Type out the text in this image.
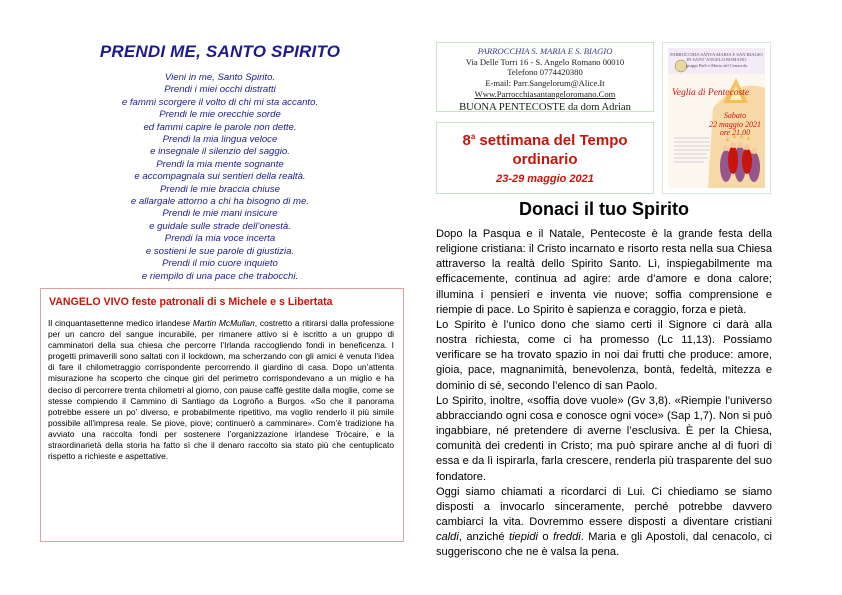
PRENDI ME, SANTO SPIRITO
Vieni in me, Santo Spirito.
Prendi i miei occhi distratti
e fammi scorgere il volto di chi mi sta accanto.
Prendi le mie orecchie sorde
ed fammi capire le parole non dette.
Prendi la mia lingua veloce
e insegnale il silenzio del saggio.
Prendi la mia mente sognante
e accompagnala sui sentieri della realtà.
Prendi le mie braccia chiuse
e allargale attorno a chi ha bisogno di me.
Prendi le mie mani insicure
e guidale sulle strade dell’onestà.
Prendi la mia voce incerta
e sostieni le sue parole di giustizia.
Prendi il mio cuore inquieto
e riempilo di una pace che trabocchi.
VANGELO VIVO feste patronali di s Michele e s Libertata

Il cinquantasettenne medico irlandese Martin McMullan, costretto a ritirarsi dalla professione per un cancro del sangue incurabile, per rimanere attivo si è iscritto a un gruppo di camminatori della sua chiesa che percorre l’Irlanda raccogliendo fondi in beneficenza. I progetti primaverili sono saltati con il lockdown, ma scherzando con gli amici è venuta l’idea di fare il chilometraggio corrispondente percorrendo il giardino di casa. Dopo un’attenta misurazione ha scoperto che cinque giri del perimetro corrispondevano a un miglio e ha deciso di percorrere trenta chilometri al giorno, con pause caffè gestite dalla moglie, come se stesse compiendo il Cammino di Santiago da Logroño a Burgos. «So che il panorama potrebbe essere un po’ diverso, e probabilmente ripetitivo, ma voglio renderlo il più simile possibile all’impresa reale. Se piove, piove; continuerò a camminare». Com’è tradizione ha avviato una raccolta fondi per sostenere l’organizzazione irlandese Tròcaire, e la straordinarietà della storia ha fatto sì che il denaro raccolto sia stato più che centuplicato rispetto a richieste e aspettative.

PARROCCHIA S. MARIA E S. BIAGIO
Via Delle Torri 16 - S. Angelo Romano 00010
Telefono 0774420380
E-mail: Parr.Sangelorum@Alice.It
Www.Parrocchiasantangeloromano.Com
BUONA PENTECOSTE da dom Adrian
8$^a$ settimana del Tempo ordinario
23-29 maggio 2021
PARROCCHIA SANTA MARIA E SAN BIAGIO IN SANT’ANGELO ROMANO
gruppi RnS e Maria del Cenacolo
Veglia di Pentecoste
Sabato
22 maggio 2021
ore 21.00
Donaci il tuo Spirito

Dopo la Pasqua e il Natale, Pentecoste è la grande festa della religione cristiana: il Cristo incarnato e risorto resta nella sua Chiesa attraverso la realtà dello Spirito Santo. Lì, inspiegabilmente ma efficacemente, continua ad agire: arde d’amore e dona calore; illumina i pensieri e inventa vie nuove; soffia comprensione e riempie di pace. Lo Spirito è sapienza e coraggio, forza e pietà.

Lo Spirito è l’unico dono che siamo certi il Signore ci darà alla nostra richiesta, come ci ha promesso (Lc 11,13). Possiamo verificare se ha trovato spazio in noi dai frutti che produce: amore, gioia, pace, magnanimità, benevolenza, bontà, fedeltà, mitezza e dominio di sé, secondo l’elenco di san Paolo.

Lo Spirito, inoltre, «soffia dove vuole» (Gv 3,8). «Riempie l’universo abbracciando ogni cosa e conosce ogni voce» (Sap 1,7). Non si può ingabbiare, né pretendere di averne l’esclusiva. È per la Chiesa, comunità dei credenti in Cristo; ma può spirare anche al di fuori di essa e da lì ispirarla, farla crescere, renderla più trasparente del suo fondatore.

Oggi siamo chiamati a ricordarci di Lui. Ci chiediamo se siamo disposti a invocarlo sinceramente, perché potrebbe davvero cambiarci la vita. Dovremmo essere disposti a diventare cristiani caldi, anziché tiepidi o freddi. Maria e gli Apostoli, dal cenacolo, ci suggeriscono che ne è valsa la pena.
